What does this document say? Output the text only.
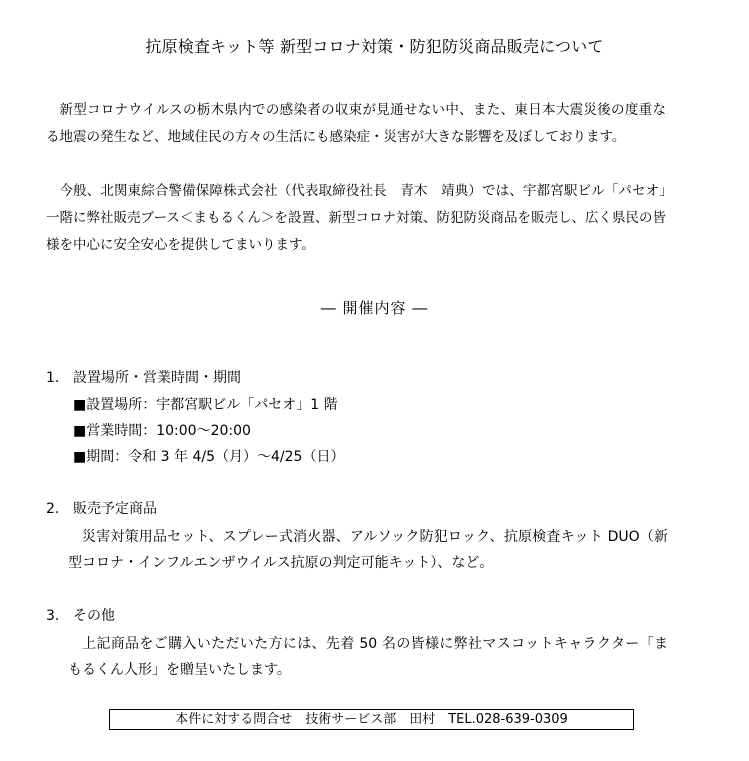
抗原検査キット等 新型コロナ対策・防犯防災商品販売について
新型コロナウイルスの栃木県内での感染者の収束が見通せない中、また、東日本大震災後の度重なる地震の発生など、地域住民の方々の生活にも感染症・災害が大きな影響を及ぼしております。
今般、北関東綜合警備保障株式会社（代表取締役社長　青木　靖典）では、宇都宮駅ビル「パセオ」一階に弊社販売ブース＜まもるくん＞を設置、新型コロナ対策、防犯防災商品を販売し、広く県民の皆様を中心に安全安心を提供してまいります。
― 開催内容 ―
1. 設置場所・営業時間・期間
■設置場所：宇都宮駅ビル「パセオ」1 階
■営業時間：10:00～20:00
■期間：令和 3 年 4/5（月）～4/25（日）
2. 販売予定商品
災害対策用品セット、スプレー式消火器、アルソック防犯ロック、抗原検査キット DUO（新型コロナ・インフルエンザウイルス抗原の判定可能キット）、など。
3. その他
上記商品をご購入いただいた方には、先着 50 名の皆様に弊社マスコットキャラクター「まもるくん人形」を贈呈いたします。
本件に対する問合せ　技術サービス部　田村　TEL.028-639-0309
